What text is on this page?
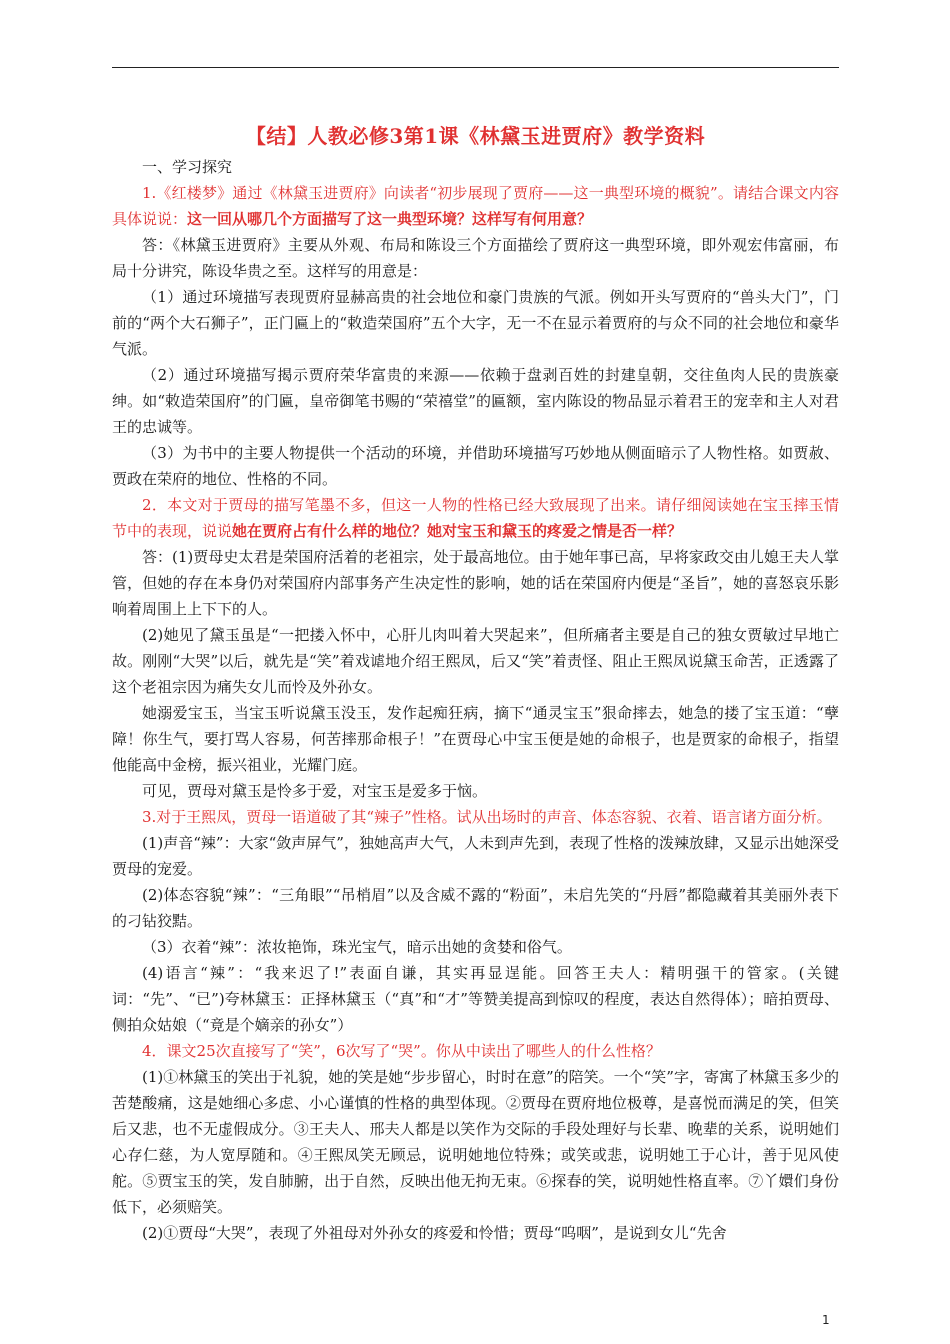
【结】人教必修3第1课《林黛玉进贾府》教学资料

一、学习探究

1.《红楼梦》通过《林黛玉进贾府》向读者“初步展现了贾府——这一典型环境的概貌”。请结合课文内容具体说说：这一回从哪几个方面描写了这一典型环境？这样写有何用意？

答：《林黛玉进贾府》主要从外观、布局和陈设三个方面描绘了贾府这一典型环境，即外观宏伟富丽，布局十分讲究，陈设华贵之至。这样写的用意是：

（1）通过环境描写表现贾府显赫高贵的社会地位和豪门贵族的气派。例如开头写贾府的“兽头大门”，门前的“两个大石狮子”，正门匾上的“敕造荣国府”五个大字，无一不在显示着贾府的与众不同的社会地位和豪华气派。

（2）通过环境描写揭示贾府荣华富贵的来源——依赖于盘剥百姓的封建皇朝，交往鱼肉人民的贵族豪绅。如“敕造荣国府”的门匾，皇帝御笔书赐的“荣禧堂”的匾额，室内陈设的物品显示着君王的宠幸和主人对君王的忠诚等。

（3）为书中的主要人物提供一个活动的环境，并借助环境描写巧妙地从侧面暗示了人物性格。如贾赦、贾政在荣府的地位、性格的不同。

2．本文对于贾母的描写笔墨不多，但这一人物的性格已经大致展现了出来。请仔细阅读她在宝玉摔玉情节中的表现，说说她在贾府占有什么样的地位？她对宝玉和黛玉的疼爱之情是否一样？

答：(1)贾母史太君是荣国府活着的老祖宗，处于最高地位。由于她年事已高，早将家政交由儿媳王夫人掌管，但她的存在本身仍对荣国府内部事务产生决定性的影响，她的话在荣国府内便是“圣旨”，她的喜怒哀乐影响着周围上上下下的人。

(2)她见了黛玉虽是“一把搂入怀中，心肝儿肉叫着大哭起来”，但所痛者主要是自己的独女贾敏过早地亡故。刚刚“大哭”以后，就先是“笑”着戏谑地介绍王熙凤，后又“笑”着责怪、阻止王熙凤说黛玉命苦，正透露了这个老祖宗因为痛失女儿而怜及外孙女。

她溺爱宝玉，当宝玉听说黛玉没玉，发作起痴狂病，摘下“通灵宝玉”狠命摔去，她急的搂了宝玉道：“孽障！你生气，要打骂人容易，何苦摔那命根子！”在贾母心中宝玉便是她的命根子，也是贾家的命根子，指望他能高中金榜，振兴祖业，光耀门庭。

可见，贾母对黛玉是怜多于爱，对宝玉是爱多于恼。

3.对于王熙凤，贾母一语道破了其“辣子”性格。试从出场时的声音、体态容貌、衣着、语言诸方面分析。

(1)声音“辣”：大家“敛声屏气”，独她高声大气，人未到声先到，表现了性格的泼辣放肆，又显示出她深受贾母的宠爱。

(2)体态容貌“辣”：“三角眼”“吊梢眉”以及含威不露的“粉面”，未启先笑的“丹唇”都隐藏着其美丽外表下的刁钻狡黠。

（3）衣着“辣”：浓妆艳饰，珠光宝气，暗示出她的贪婪和俗气。

(4)语言“辣”：“我来迟了!”表面自谦，其实再显逞能。回答王夫人：精明强干的管家。(关键词：“先”、“已”)夸林黛玉：正择林黛玉（“真”和“才”等赞美提高到惊叹的程度，表达自然得体）；暗拍贾母、侧拍众姑娘（“竟是个嫡亲的孙女”）

4．课文25次直接写了“笑”，6次写了“哭”。你从中读出了哪些人的什么性格？

(1)①林黛玉的笑出于礼貌，她的笑是她“步步留心，时时在意”的陪笑。一个“笑”字，寄寓了林黛玉多少的苦楚酸痛，这是她细心多虑、小心谨慎的性格的典型体现。②贾母在贾府地位极尊，是喜悦而满足的笑，但笑后又悲，也不无虚假成分。③王夫人、邢夫人都是以笑作为交际的手段处理好与长辈、晚辈的关系，说明她们心存仁慈，为人宽厚随和。④王熙凤笑无顾忌，说明她地位特殊；或笑或悲，说明她工于心计，善于见风使舵。⑤贾宝玉的笑，发自肺腑，出于自然，反映出他无拘无束。⑥探春的笑，说明她性格直率。⑦丫嬛们身份低下，必须赔笑。

(2)①贾母“大哭”，表现了外祖母对外孙女的疼爱和怜惜；贾母“呜咽”，是说到女儿“先舍

1
